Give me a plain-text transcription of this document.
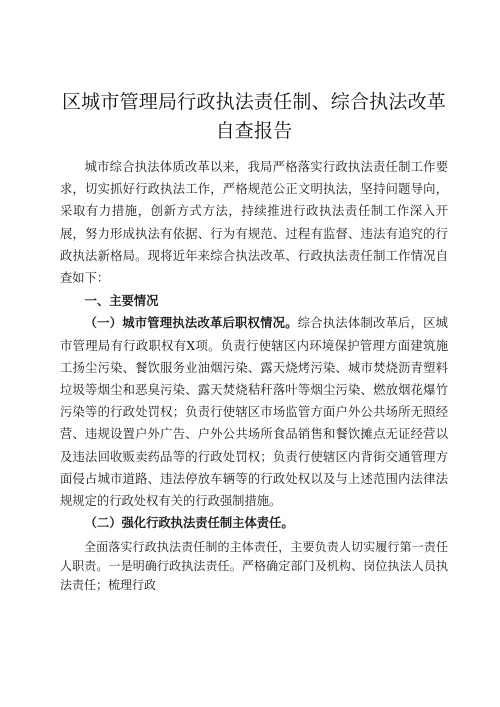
区城市管理局行政执法责任制、综合执法改革
自查报告

城市综合执法体质改革以来，我局严格落实行政执法责任制工作要求，切实抓好行政执法工作，严格规范公正文明执法，坚持问题导向，采取有力措施，创新方式方法，持续推进行政执法责任制工作深入开展，努力形成执法有依据、行为有规范、过程有监督、违法有追究的行政执法新格局。现将近年来综合执法改革、行政执法责任制工作情况自查如下：

一、主要情况

（一）城市管理执法改革后职权情况。综合执法体制改革后，区城市管理局有行政职权有X项。负责行使辖区内环境保护管理方面建筑施工扬尘污染、餐饮服务业油烟污染、露天烧烤污染、城市焚烧沥青塑料垃圾等烟尘和恶臭污染、露天焚烧秸秆落叶等烟尘污染、燃放烟花爆竹污染等的行政处罚权；负责行使辖区市场监管方面户外公共场所无照经营、违规设置户外广告、户外公共场所食品销售和餐饮摊点无证经营以及违法回收贩卖药品等的行政处罚权；负责行使辖区内背街交通管理方面侵占城市道路、违法停放车辆等的行政处权以及与上述范围内法律法规规定的行政处权有关的行政强制措施。

（二）强化行政执法责任制主体责任。

全面落实行政执法责任制的主体责任，主要负责人切实履行第一责任人职责。一是明确行政执法责任。严格确定部门及机构、岗位执法人员执法责任；梳理行政
